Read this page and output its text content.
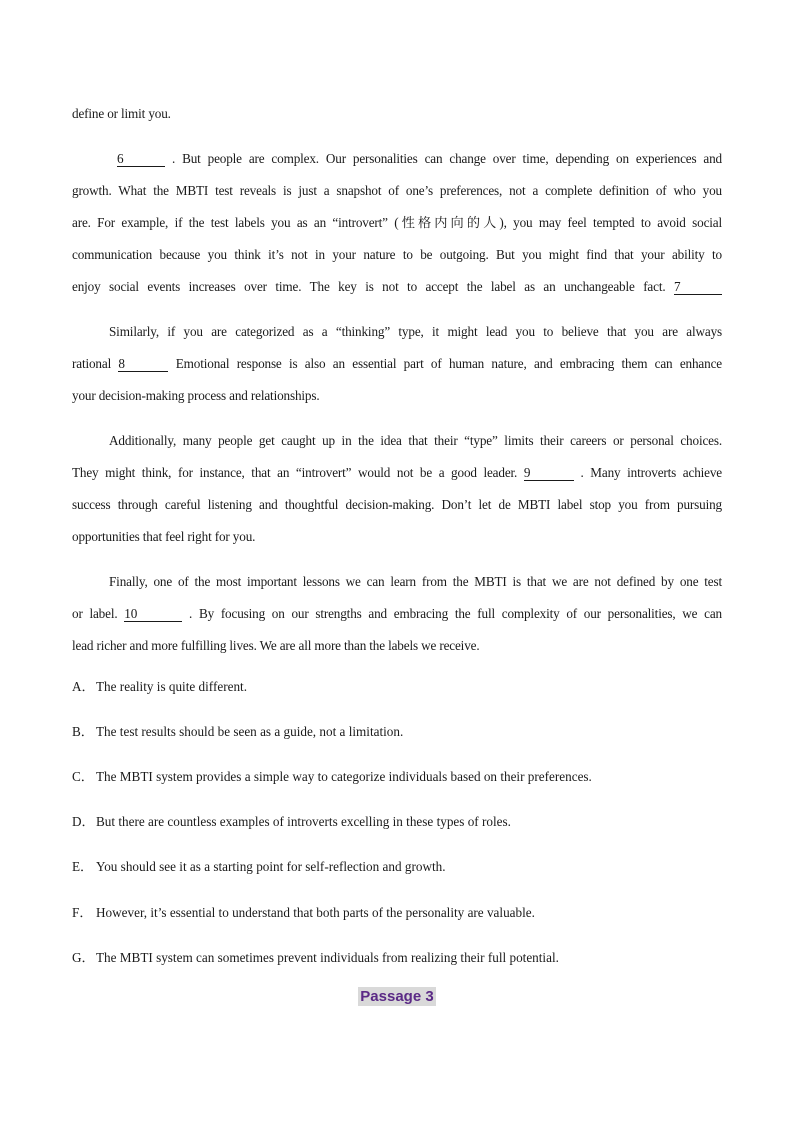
define or limit you.
6	. But people are complex. Our personalities can change over time, depending on experiences and
growth. What the MBTI test reveals is just a snapshot of one’s preferences, not a complete definition of who you
are. For example, if the test labels you as an “introvert” (性格内向的人), you may feel tempted to avoid social
communication because you think it’s not in your nature to be outgoing. But you might find that your ability to
enjoy social events increases over time. The key is not to accept the label as an unchangeable fact. 7
Similarly, if you are categorized as a “thinking” type, it might lead you to believe that you are always
rational 8	Emotional response is also an essential part of human nature, and embracing them can enhance
your decision-making process and relationships.
Additionally, many people get caught up in the idea that their “type” limits their careers or personal choices.
They might think, for instance, that an “introvert” would not be a good leader. 9	. Many introverts achieve
success through careful listening and thoughtful decision-making. Don’t let de MBTI label stop you from pursuing
opportunities that feel right for you.
Finally, one of the most important lessons we can learn from the MBTI is that we are not defined by one test
or label. 10	. By focusing on our strengths and embracing the full complexity of our personalities, we can
lead richer and more fulfilling lives. We are all more than the labels we receive.
A．The reality is quite different.
B． The test results should be seen as a guide, not a limitation.
C． The MBTI system provides a simple way to categorize individuals based on their preferences.
D．But there are countless examples of introverts excelling in these types of roles.
E． You should see it as a starting point for self-reflection and growth.
F． However, it’s essential to understand that both parts of the personality are valuable.
G．The MBTI system can sometimes prevent individuals from realizing their full potential.
Passage 3
